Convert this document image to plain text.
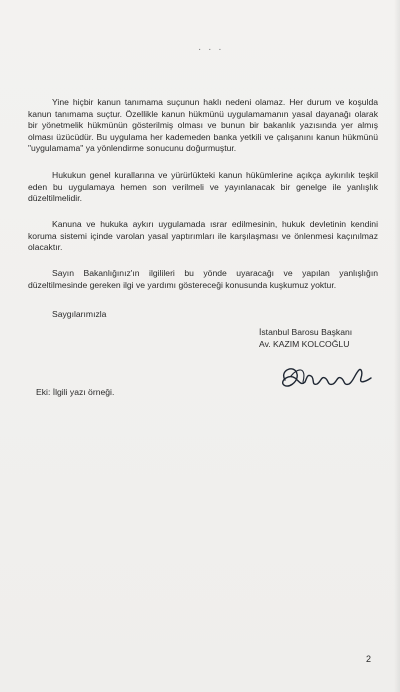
· · ·

Yine hiçbir kanun tanımama suçunun haklı nedeni olamaz. Her durum ve koşulda kanun tanımama suçtur. Özellikle kanun hükmünü uygulamamanın yasal dayanağı olarak bir yönetmelik hükmünün gösterilmiş olması ve bunun bir bakanlık yazısında yer almış olması üzücüdür. Bu uygulama her kademeden banka yetkili ve çalışanını kanun hükmünü "uygulamama" ya yönlendirme sonucunu doğurmuştur.

Hukukun genel kurallarına ve yürürlükteki kanun hükümlerine açıkça aykırılık teşkil eden bu uygulamaya hemen son verilmeli ve yayınlanacak bir genelge ile yanlışlık düzeltilmelidir.

Kanuna ve hukuka aykırı uygulamada ısrar edilmesinin, hukuk devletinin kendini koruma sistemi içinde varolan yasal yaptırımları ile karşılaşması ve önlenmesi kaçınılmaz olacaktır.

Sayın Bakanlığınız'ın ilgilileri bu yönde uyaracağı ve yapılan yanlışlığın düzeltilmesinde gereken ilgi ve yardımı göstereceği konusunda kuşkumuz yoktur.

Saygılarımızla
İstanbul Barosu Başkanı
Av. KAZIM KOLCOĞLU
Eki: İlgili yazı örneği.
2
